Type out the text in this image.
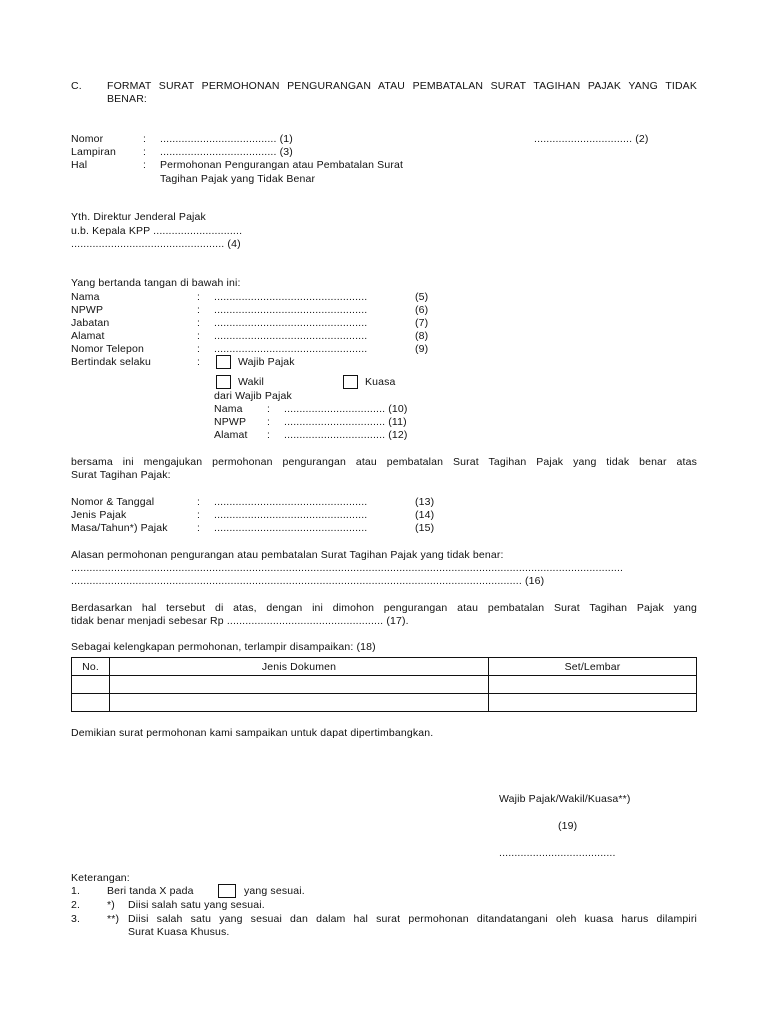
C. FORMAT SURAT PERMOHONAN PENGURANGAN ATAU PEMBATALAN SURAT TAGIHAN PAJAK YANG TIDAK
BENAR:
Nomor	: ...................................... (1)	................................ (2)
Lampiran	: ...................................... (3)
Hal	: Permohonan Pengurangan atau Pembatalan Surat
Tagihan Pajak yang Tidak Benar
Yth. Direktur Jenderal Pajak
u.b. Kepala KPP .............................
.................................................. (4)
Yang bertanda tangan di bawah ini:
Nama	: ..................................................	(5)
NPWP	: ..................................................	(6)
Jabatan	: ..................................................	(7)
Alamat	: ..................................................	(8)
Nomor Telepon	: ..................................................	(9)
Bertindak selaku	:	Wajib Pajak
Wakil	Kuasa
dari Wajib Pajak
Nama : ................................. (10)
NPWP : ................................. (11)
Alamat : ................................. (12)
bersama ini mengajukan permohonan pengurangan atau pembatalan Surat Tagihan Pajak yang tidak benar atas
Surat Tagihan Pajak:
Nomor & Tanggal	: ..................................................	(13)
Jenis Pajak	: ..................................................	(14)
Masa/Tahun*) Pajak	: ..................................................	(15)
Alasan permohonan pengurangan atau pembatalan Surat Tagihan Pajak yang tidak benar:
....................................................................................................................................................................................
................................................................................................................................................... (16)
Berdasarkan hal tersebut di atas, dengan ini dimohon pengurangan atau pembatalan Surat Tagihan Pajak yang
tidak benar menjadi sebesar Rp ................................................... (17).
Sebagai kelengkapan permohonan, terlampir disampaikan: (18)
No.	Jenis Dokumen	Set/Lembar

Demikian surat permohonan kami sampaikan untuk dapat dipertimbangkan.
Wajib Pajak/Wakil/Kuasa**)
(19)
......................................
Keterangan:
1.	Beri tanda X pada	yang sesuai.
2.	*) Diisi salah satu yang sesuai.
3.	**) Diisi salah satu yang sesuai dan dalam hal surat permohonan ditandatangani oleh kuasa harus dilampiri
Surat Kuasa Khusus.
